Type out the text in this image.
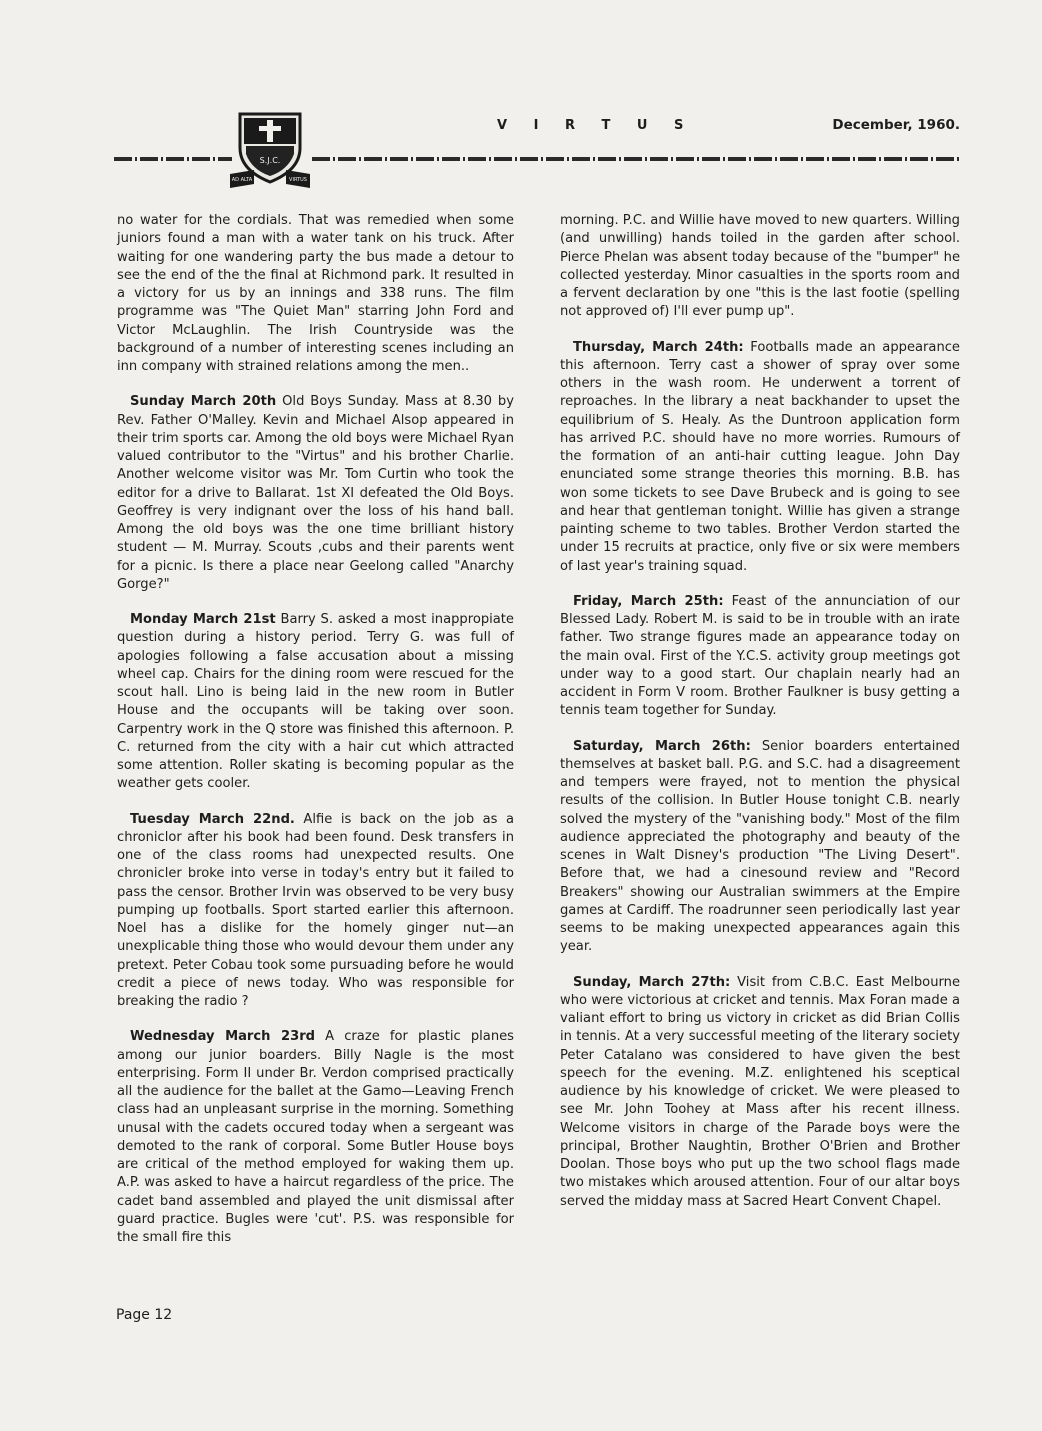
S.J.C.
AD ALTA	VIRTUS
V I R T U S	December, 1960.

no water for the cordials. That was remedied when some juniors found a man with a water tank on his truck. After waiting for one wandering party the bus made a detour to see the end of the the final at Richmond park. It resulted in a victory for us by an innings and 338 runs. The film programme was "The Quiet Man" starring John Ford and Victor McLaughlin. The Irish Countryside was the background of a number of interesting scenes including an inn company with strained relations among the men..

Sunday March 20th Old Boys Sunday. Mass at 8.30 by Rev. Father O'Malley. Kevin and Michael Alsop appeared in their trim sports car. Among the old boys were Michael Ryan valued contributor to the "Virtus" and his brother Charlie. Another welcome visitor was Mr. Tom Curtin who took the editor for a drive to Ballarat. 1st XI defeated the Old Boys. Geoffrey is very indignant over the loss of his hand ball. Among the old boys was the one time brilliant history student — M. Murray. Scouts ,cubs and their parents went for a picnic. Is there a place near Geelong called "Anarchy Gorge?"

Monday March 21st Barry S. asked a most inappropiate question during a history period. Terry G. was full of apologies following a false accusation about a missing wheel cap. Chairs for the dining room were rescued for the scout hall. Lino is being laid in the new room in Butler House and the occupants will be taking over soon. Carpentry work in the Q store was finished this afternoon. P. C. returned from the city with a hair cut which attracted some attention. Roller skating is becoming popular as the weather gets cooler.

Tuesday March 22nd. Alfie is back on the job as a chroniclor after his book had been found. Desk transfers in one of the class rooms had unexpected results. One chronicler broke into verse in today's entry but it failed to pass the censor. Brother Irvin was observed to be very busy pumping up footballs. Sport started earlier this afternoon. Noel has a dislike for the homely ginger nut—an unexplicable thing those who would devour them under any pretext. Peter Cobau took some pursuading before he would credit a piece of news today. Who was responsible for breaking the radio ?

Wednesday March 23rd A craze for plastic planes among our junior boarders. Billy Nagle is the most enterprising. Form II under Br. Verdon comprised practically all the audience for the ballet at the Gamo—Leaving French class had an unpleasant surprise in the morning. Something unusal with the cadets occured today when a sergeant was demoted to the rank of corporal. Some Butler House boys are critical of the method employed for waking them up. A.P. was asked to have a haircut regardless of the price. The cadet band assembled and played the unit dismissal after guard practice. Bugles were 'cut'. P.S. was responsible for the small fire this

morning. P.C. and Willie have moved to new quarters. Willing (and unwilling) hands toiled in the garden after school. Pierce Phelan was absent today because of the "bumper" he collected yesterday. Minor casualties in the sports room and a fervent declaration by one "this is the last footie (spelling not approved of) I'll ever pump up".

Thursday, March 24th: Footballs made an appearance this afternoon. Terry cast a shower of spray over some others in the wash room. He underwent a torrent of reproaches. In the library a neat backhander to upset the equilibrium of S. Healy. As the Duntroon application form has arrived P.C. should have no more worries. Rumours of the formation of an anti-hair cutting league. John Day enunciated some strange theories this morning. B.B. has won some tickets to see Dave Brubeck and is going to see and hear that gentleman tonight. Willie has given a strange painting scheme to two tables. Brother Verdon started the under 15 recruits at practice, only five or six were members of last year's training squad.

Friday, March 25th: Feast of the annunciation of our Blessed Lady. Robert M. is said to be in trouble with an irate father. Two strange figures made an appearance today on the main oval. First of the Y.C.S. activity group meetings got under way to a good start. Our chaplain nearly had an accident in Form V room. Brother Faulkner is busy getting a tennis team together for Sunday.

Saturday, March 26th: Senior boarders entertained themselves at basket ball. P.G. and S.C. had a disagreement and tempers were frayed, not to mention the physical results of the collision. In Butler House tonight C.B. nearly solved the mystery of the "vanishing body." Most of the film audience appreciated the photography and beauty of the scenes in Walt Disney's production "The Living Desert". Before that, we had a cinesound review and "Record Breakers" showing our Australian swimmers at the Empire games at Cardiff. The roadrunner seen periodically last year seems to be making unexpected appearances again this year.

Sunday, March 27th: Visit from C.B.C. East Melbourne who were victorious at cricket and tennis. Max Foran made a valiant effort to bring us victory in cricket as did Brian Collis in tennis. At a very successful meeting of the literary society Peter Catalano was considered to have given the best speech for the evening. M.Z. enlightened his sceptical audience by his knowledge of cricket. We were pleased to see Mr. John Toohey at Mass after his recent illness. Welcome visitors in charge of the Parade boys were the principal, Brother Naughtin, Brother O'Brien and Brother Doolan. Those boys who put up the two school flags made two mistakes which aroused attention. Four of our altar boys served the midday mass at Sacred Heart Convent Chapel.

Page 12
